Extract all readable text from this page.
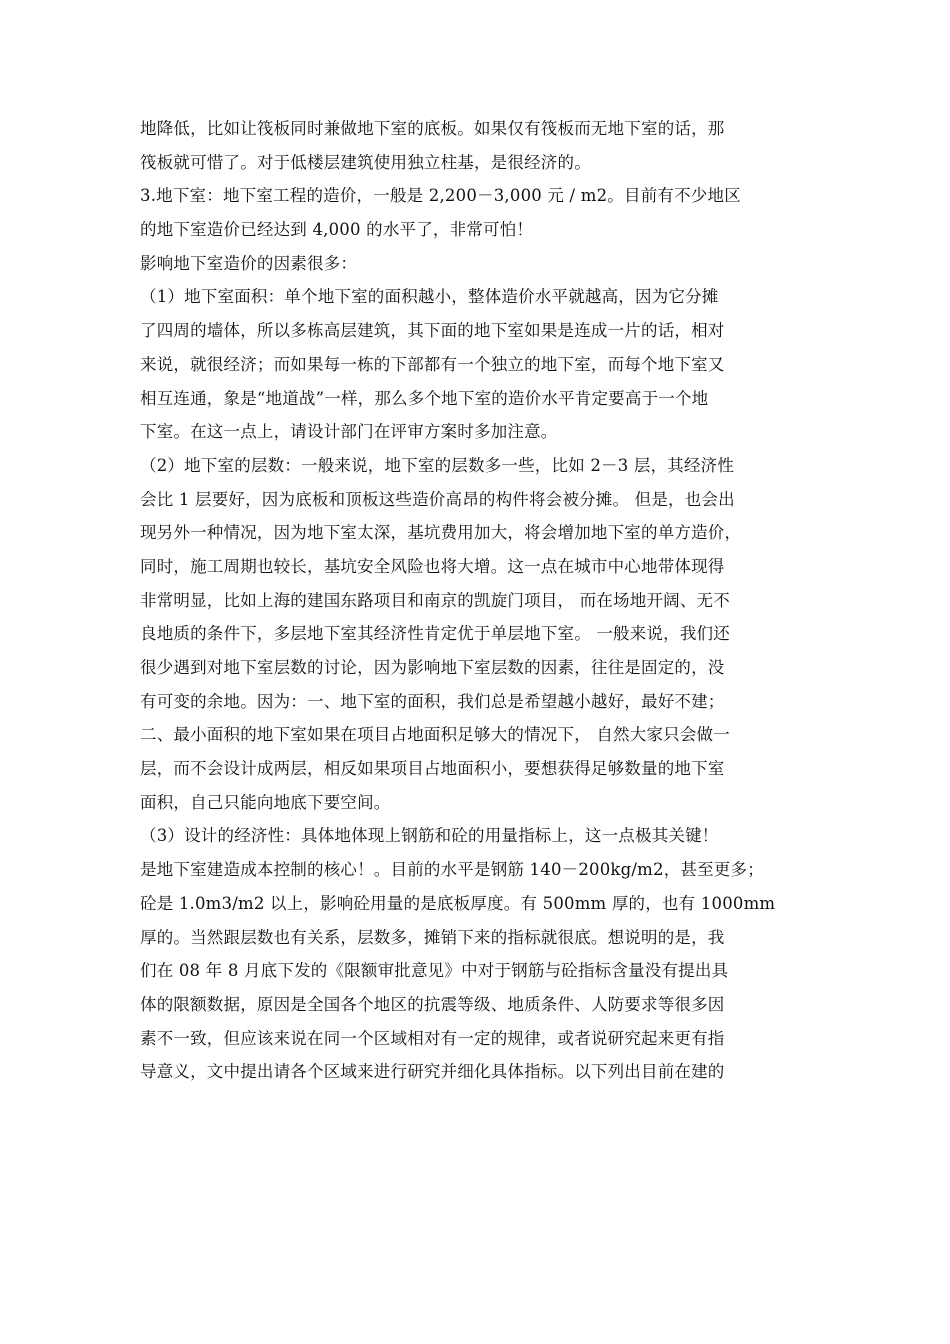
地降低，比如让筏板同时兼做地下室的底板。如果仅有筏板而无地下室的话，那
筏板就可惜了。对于低楼层建筑使用独立柱基，是很经济的。
3.地下室：地下室工程的造价，一般是 2,200－3,000 元 / m2。目前有不少地区
的地下室造价已经达到 4,000 的水平了，非常可怕！
影响地下室造价的因素很多：
（1）地下室面积：单个地下室的面积越小，整体造价水平就越高，因为它分摊
了四周的墙体，所以多栋高层建筑，其下面的地下室如果是连成一片的话，相对
来说，就很经济；而如果每一栋的下部都有一个独立的地下室，而每个地下室又
相互连通，象是“地道战”一样，那么多个地下室的造价水平肯定要高于一个地
下室。在这一点上，请设计部门在评审方案时多加注意。
（2）地下室的层数：一般来说，地下室的层数多一些，比如 2－3 层，其经济性
会比 1 层要好，因为底板和顶板这些造价高昂的构件将会被分摊。 但是，也会出
现另外一种情况，因为地下室太深，基坑费用加大，将会增加地下室的单方造价，
同时，施工周期也较长，基坑安全风险也将大增。这一点在城市中心地带体现得
非常明显，比如上海的建国东路项目和南京的凯旋门项目， 而在场地开阔、无不
良地质的条件下，多层地下室其经济性肯定优于单层地下室。 一般来说，我们还
很少遇到对地下室层数的讨论，因为影响地下室层数的因素，往往是固定的，没
有可变的余地。因为：一、地下室的面积，我们总是希望越小越好，最好不建；
二、最小面积的地下室如果在项目占地面积足够大的情况下， 自然大家只会做一
层，而不会设计成两层，相反如果项目占地面积小，要想获得足够数量的地下室
面积，自己只能向地底下要空间。
（3）设计的经济性：具体地体现上钢筋和砼的用量指标上，这一点极其关键！
是地下室建造成本控制的核心！。目前的水平是钢筋 140－200kg/m2，甚至更多；
砼是 1.0m3/m2 以上，影响砼用量的是底板厚度。有 500mm 厚的，也有 1000mm
厚的。当然跟层数也有关系，层数多，摊销下来的指标就很底。想说明的是，我
们在 08 年 8 月底下发的《限额审批意见》中对于钢筋与砼指标含量没有提出具
体的限额数据，原因是全国各个地区的抗震等级、地质条件、人防要求等很多因
素不一致，但应该来说在同一个区域相对有一定的规律，或者说研究起来更有指
导意义，文中提出请各个区域来进行研究并细化具体指标。以下列出目前在建的
